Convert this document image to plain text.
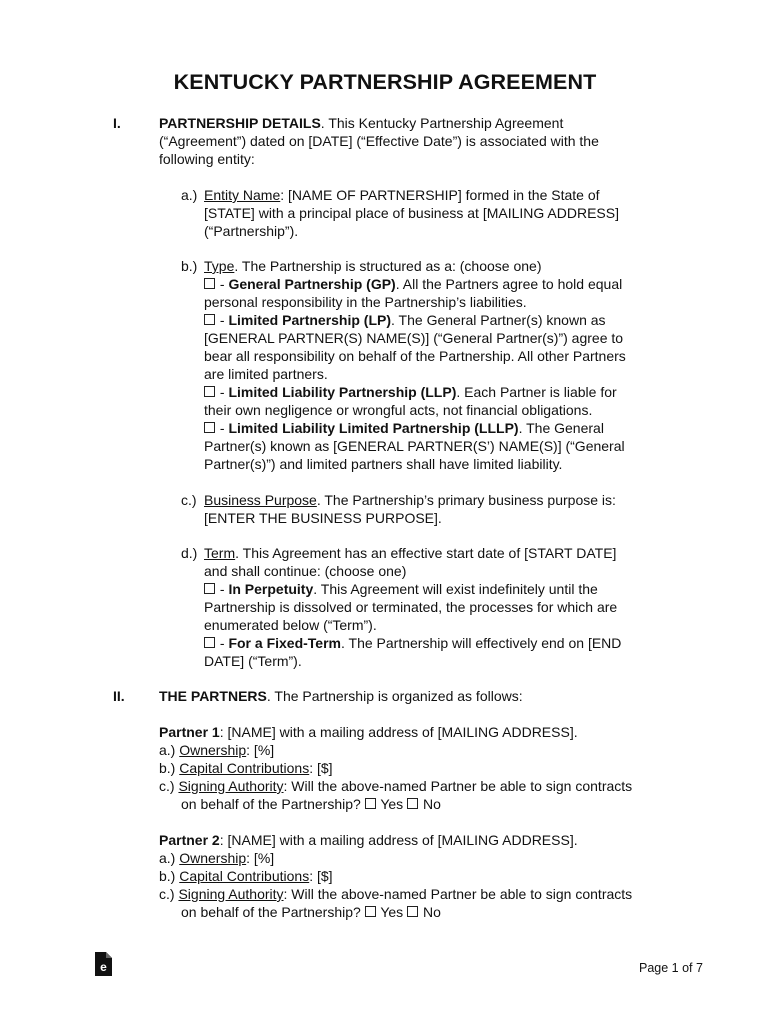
KENTUCKY PARTNERSHIP AGREEMENT
I.	PARTNERSHIP DETAILS. This Kentucky Partnership Agreement
(“Agreement”) dated on [DATE] (“Effective Date”) is associated with the
following entity:
a.) Entity Name: [NAME OF PARTNERSHIP] formed in the State of
[STATE] with a principal place of business at [MAILING ADDRESS]
(“Partnership”).
b.) Type. The Partnership is structured as a: (choose one)
- General Partnership (GP). All the Partners agree to hold equal
personal responsibility in the Partnership’s liabilities.
- Limited Partnership (LP). The General Partner(s) known as
[GENERAL PARTNER(S) NAME(S)] (“General Partner(s)”) agree to
bear all responsibility on behalf of the Partnership. All other Partners
are limited partners.
- Limited Liability Partnership (LLP). Each Partner is liable for
their own negligence or wrongful acts, not financial obligations.
- Limited Liability Limited Partnership (LLLP). The General
Partner(s) known as [GENERAL PARTNER(S’) NAME(S)] (“General
Partner(s)”) and limited partners shall have limited liability.
c.) Business Purpose. The Partnership’s primary business purpose is:
[ENTER THE BUSINESS PURPOSE].
d.) Term. This Agreement has an effective start date of [START DATE]
and shall continue: (choose one)
- In Perpetuity. This Agreement will exist indefinitely until the
Partnership is dissolved or terminated, the processes for which are
enumerated below (“Term”).
- For a Fixed-Term. The Partnership will effectively end on [END
DATE] (“Term”).
II. THE PARTNERS. The Partnership is organized as follows:
Partner 1: [NAME] with a mailing address of [MAILING ADDRESS].
a.) Ownership: [%]
b.) Capital Contributions: [$]
c.) Signing Authority: Will the above-named Partner be able to sign contracts
on behalf of the Partnership?  Yes  No
Partner 2: [NAME] with a mailing address of [MAILING ADDRESS].
a.) Ownership: [%]
b.) Capital Contributions: [$]
c.) Signing Authority: Will the above-named Partner be able to sign contracts
on behalf of the Partnership?  Yes  No
e	Page 1 of 7
